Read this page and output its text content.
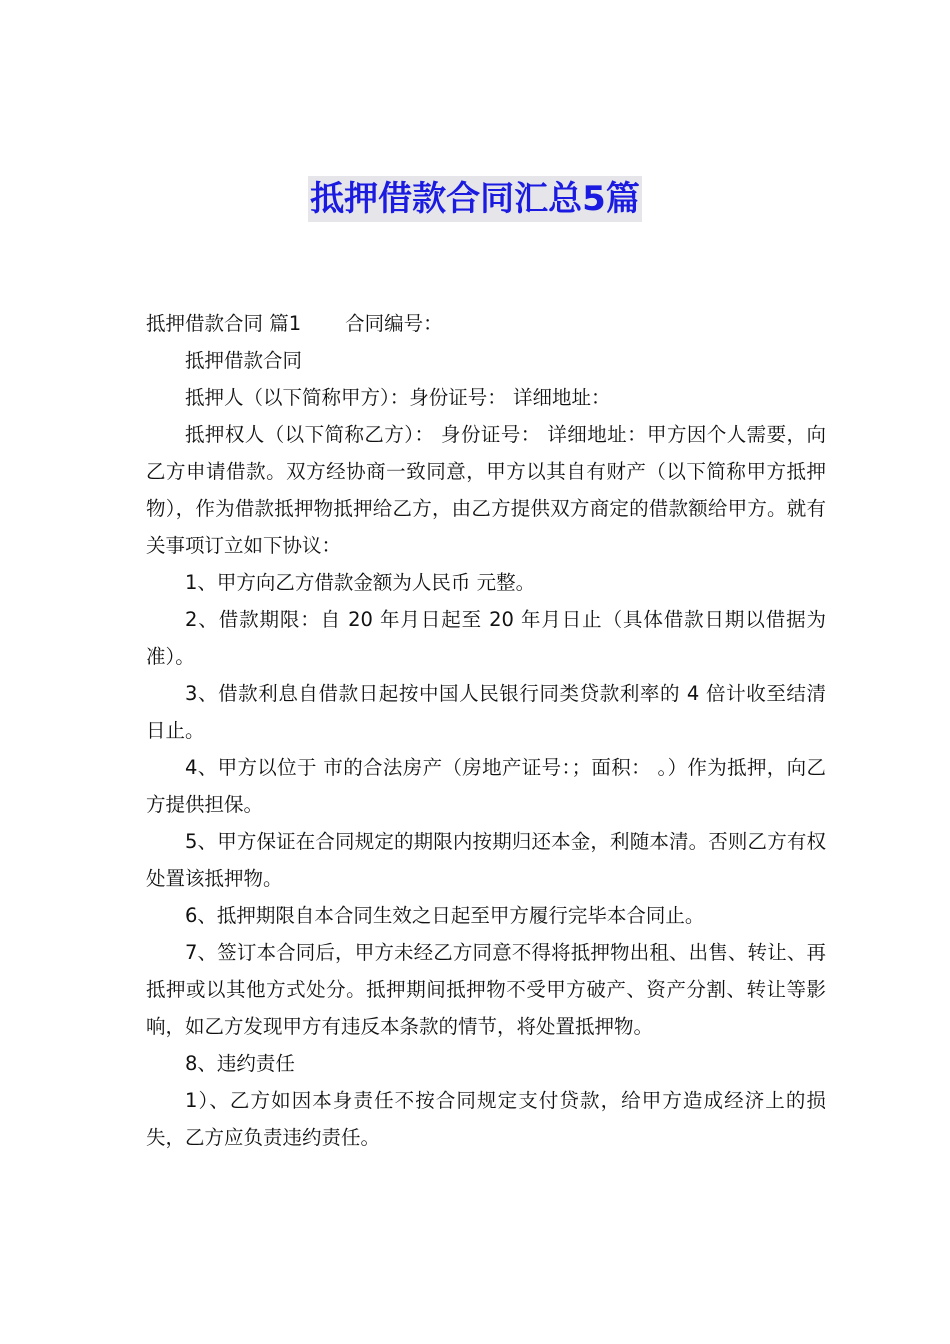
抵押借款合同汇总5篇

抵押借款合同 篇1 合同编号：

抵押借款合同

抵押人（以下简称甲方）：身份证号： 详细地址：

抵押权人（以下简称乙方）： 身份证号： 详细地址：甲方因个人需要，向乙方申请借款。双方经协商一致同意，甲方以其自有财产（以下简称甲方抵押物），作为借款抵押物抵押给乙方，由乙方提供双方商定的借款额给甲方。就有关事项订立如下协议：

1、甲方向乙方借款金额为人民币 元整。

2、借款期限：自 20 年月日起至 20 年月日止（具体借款日期以借据为准）。

3、借款利息自借款日起按中国人民银行同类贷款利率的 4 倍计收至结清日止。

4、甲方以位于 市的合法房产（房地产证号：；面积： 。）作为抵押，向乙方提供担保。

5、甲方保证在合同规定的期限内按期归还本金，利随本清。否则乙方有权处置该抵押物。

6、抵押期限自本合同生效之日起至甲方履行完毕本合同止。

7、签订本合同后，甲方未经乙方同意不得将抵押物出租、出售、转让、再抵押或以其他方式处分。抵押期间抵押物不受甲方破产、资产分割、转让等影响，如乙方发现甲方有违反本条款的情节，将处置抵押物。

8、违约责任

1）、乙方如因本身责任不按合同规定支付贷款，给甲方造成经济上的损失，乙方应负责违约责任。
